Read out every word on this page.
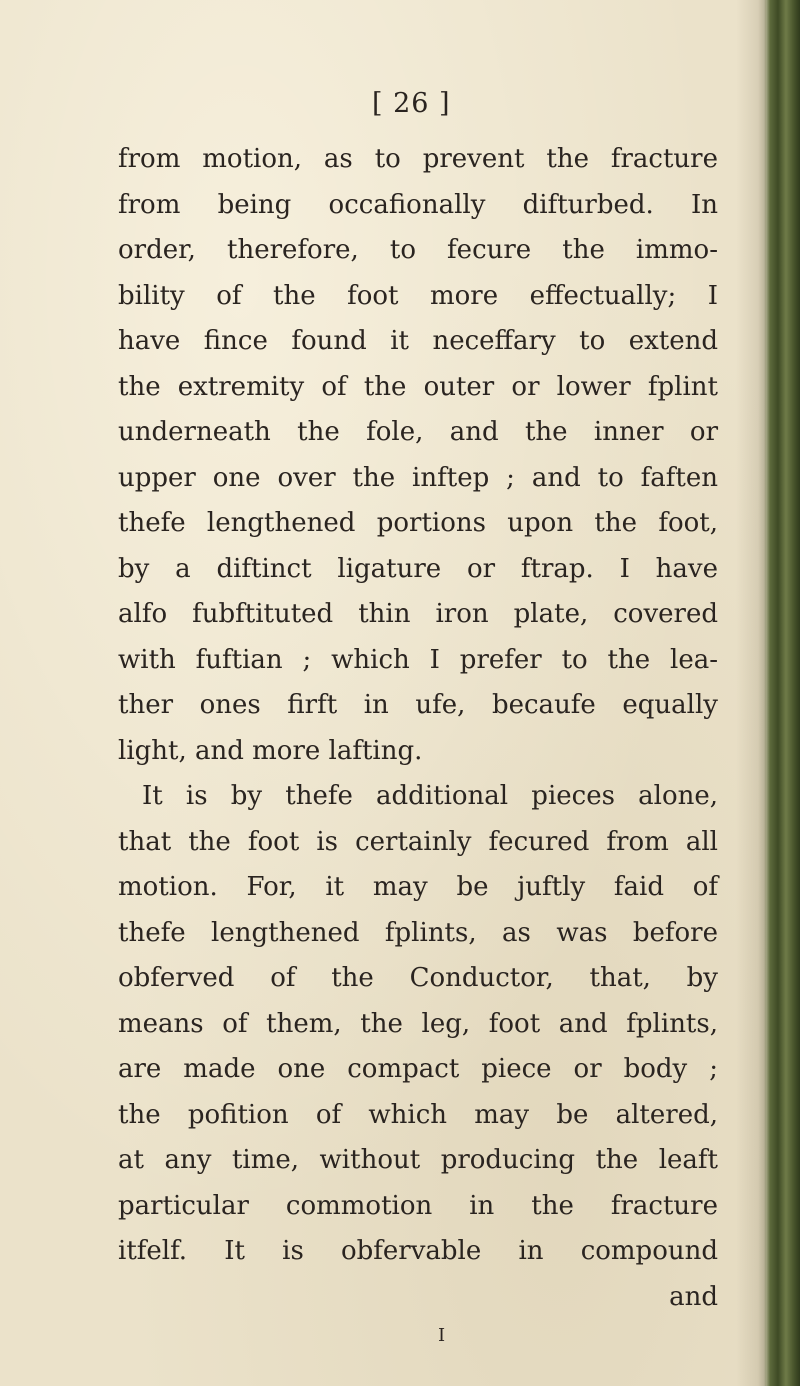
[ 26 ]
from motion, as to prevent the fracture
from being occafionally difturbed. In
order, therefore, to fecure the immo-
bility of the foot more effectually; I
have fince found it neceffary to extend
the extremity of the outer or lower fplint
underneath the fole, and the inner or
upper one over the inftep ; and to faften
thefe lengthened portions upon the foot,
by a diftinct ligature or ftrap. I have
alfo fubftituted thin iron plate, covered
with fuftian ; which I prefer to the lea-
ther ones firft in ufe, becaufe equally
light, and more lafting.
It is by thefe additional pieces alone,
that the foot is certainly fecured from all
motion. For, it may be juftly faid of
thefe lengthened fplints, as was before
obferved of the Conductor, that, by
means of them, the leg, foot and fplints,
are made one compact piece or body ;
the pofition of which may be altered,
at any time, without producing the leaft
particular commotion in the fracture
itfelf. It is obfervable in compound
and
I
